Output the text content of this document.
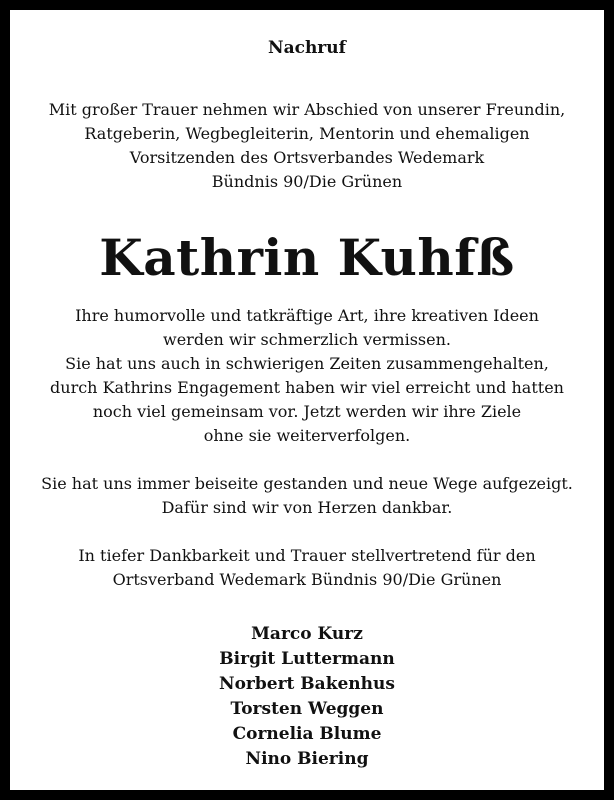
Nachruf
Mit großer Trauer nehmen wir Abschied von unserer Freundin,
Ratgeberin, Wegbegleiterin, Mentorin und ehemaligen
Vorsitzenden des Ortsverbandes Wedemark
Bündnis 90/Die Grünen
Kathrin Kuhfß
Ihre humorvolle und tatkräftige Art, ihre kreativen Ideen
werden wir schmerzlich vermissen.
Sie hat uns auch in schwierigen Zeiten zusammengehalten,
durch Kathrins Engagement haben wir viel erreicht und hatten
noch viel gemeinsam vor. Jetzt werden wir ihre Ziele
ohne sie weiterverfolgen.
Sie hat uns immer beiseite gestanden und neue Wege aufgezeigt.
Dafür sind wir von Herzen dankbar.
In tiefer Dankbarkeit und Trauer stellvertretend für den
Ortsverband Wedemark Bündnis 90/Die Grünen
Marco Kurz
Birgit Luttermann
Norbert Bakenhus
Torsten Weggen
Cornelia Blume
Nino Biering
